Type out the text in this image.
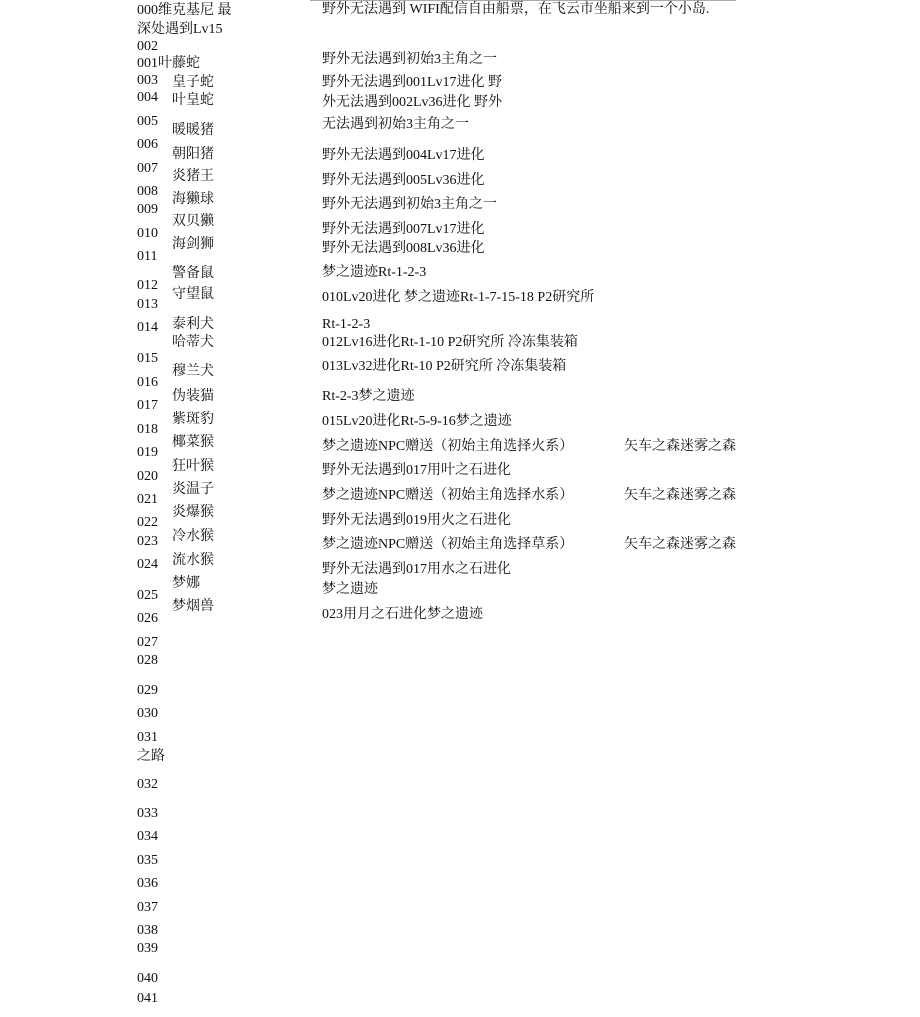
000维克基尼 最
深处遇到Lv15
002
001叶藤蛇
003
004
005
006
007
008
009
010
011
012
013
014
015
016
017
018
019
020
021
022
023
024
025
026
027
028
029
030
031
之路
032
033
034
035
036
037
038
039
040
041
皇子蛇
叶皇蛇
暖暖猪
朝阳猪
炎猪王
海獭球
双贝獭
海剑狮
警备鼠
守望鼠
泰利犬
哈蒂犬
穆兰犬
伪装猫
紫斑豹
椰菜猴
狂叶猴
炎温子
炎爆猴
冷水猴
流水猴
梦娜
梦烟兽
野外无法遇到 WIFI配信自由船票，在飞云市坐船来到一个小岛.
野外无法遇到初始3主角之一
野外无法遇到001Lv17进化 野
外无法遇到002Lv36进化 野外
无法遇到初始3主角之一
野外无法遇到004Lv17进化
野外无法遇到005Lv36进化
野外无法遇到初始3主角之一
野外无法遇到007Lv17进化
野外无法遇到008Lv36进化
梦之遗迹Rt-1-2-3
010Lv20进化 梦之遗迹Rt-1-7-15-18 P2研究所
Rt-1-2-3
012Lv16进化Rt-1-10 P2研究所 冷冻集装箱
013Lv32进化Rt-10 P2研究所 冷冻集装箱
Rt-2-3梦之遗迹
015Lv20进化Rt-5-9-16梦之遗迹
梦之遗迹NPC赠送（初始主角选择火系）
野外无法遇到017用叶之石进化
梦之遗迹NPC赠送（初始主角选择水系）
野外无法遇到019用火之石进化
梦之遗迹NPC赠送（初始主角选择草系）
野外无法遇到017用水之石进化
梦之遗迹
023用月之石进化梦之遗迹
矢车之森迷雾之森
矢车之森迷雾之森
矢车之森迷雾之森
